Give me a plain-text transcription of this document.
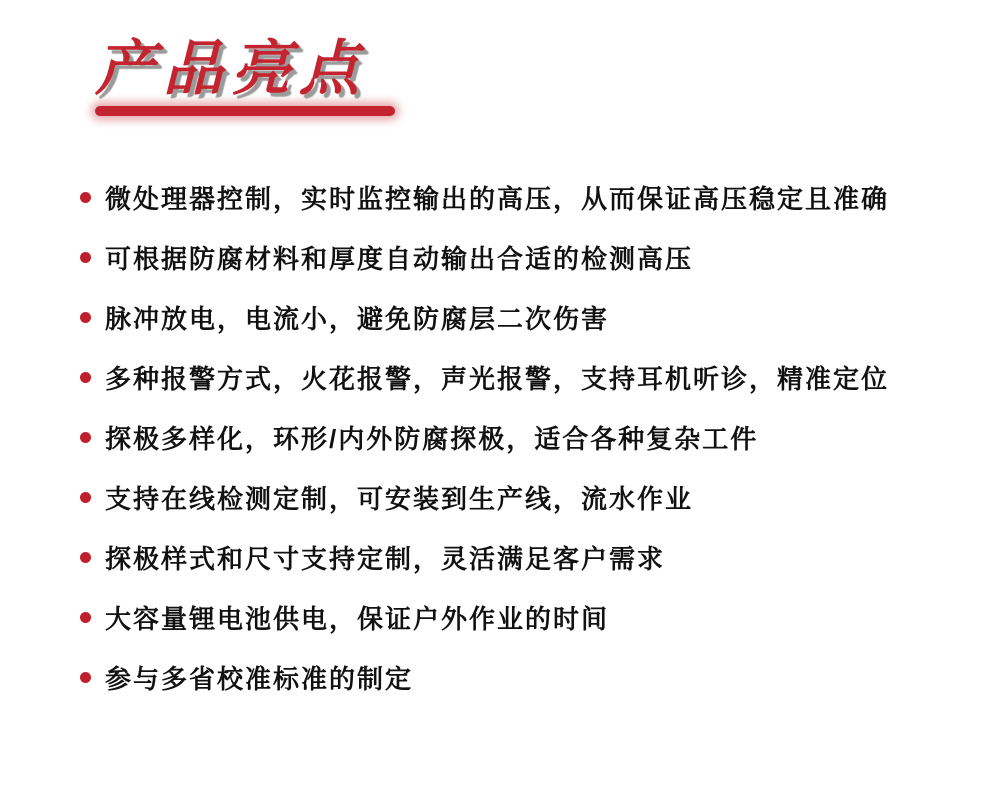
产品亮点
微处理器控制，实时监控输出的高压，从而保证高压稳定且准确
可根据防腐材料和厚度自动输出合适的检测高压
脉冲放电，电流小，避免防腐层二次伤害
多种报警方式，火花报警，声光报警，支持耳机听诊，精准定位
探极多样化，环形/内外防腐探极，适合各种复杂工件
支持在线检测定制，可安装到生产线，流水作业
探极样式和尺寸支持定制，灵活满足客户需求
大容量锂电池供电，保证户外作业的时间
参与多省校准标准的制定
